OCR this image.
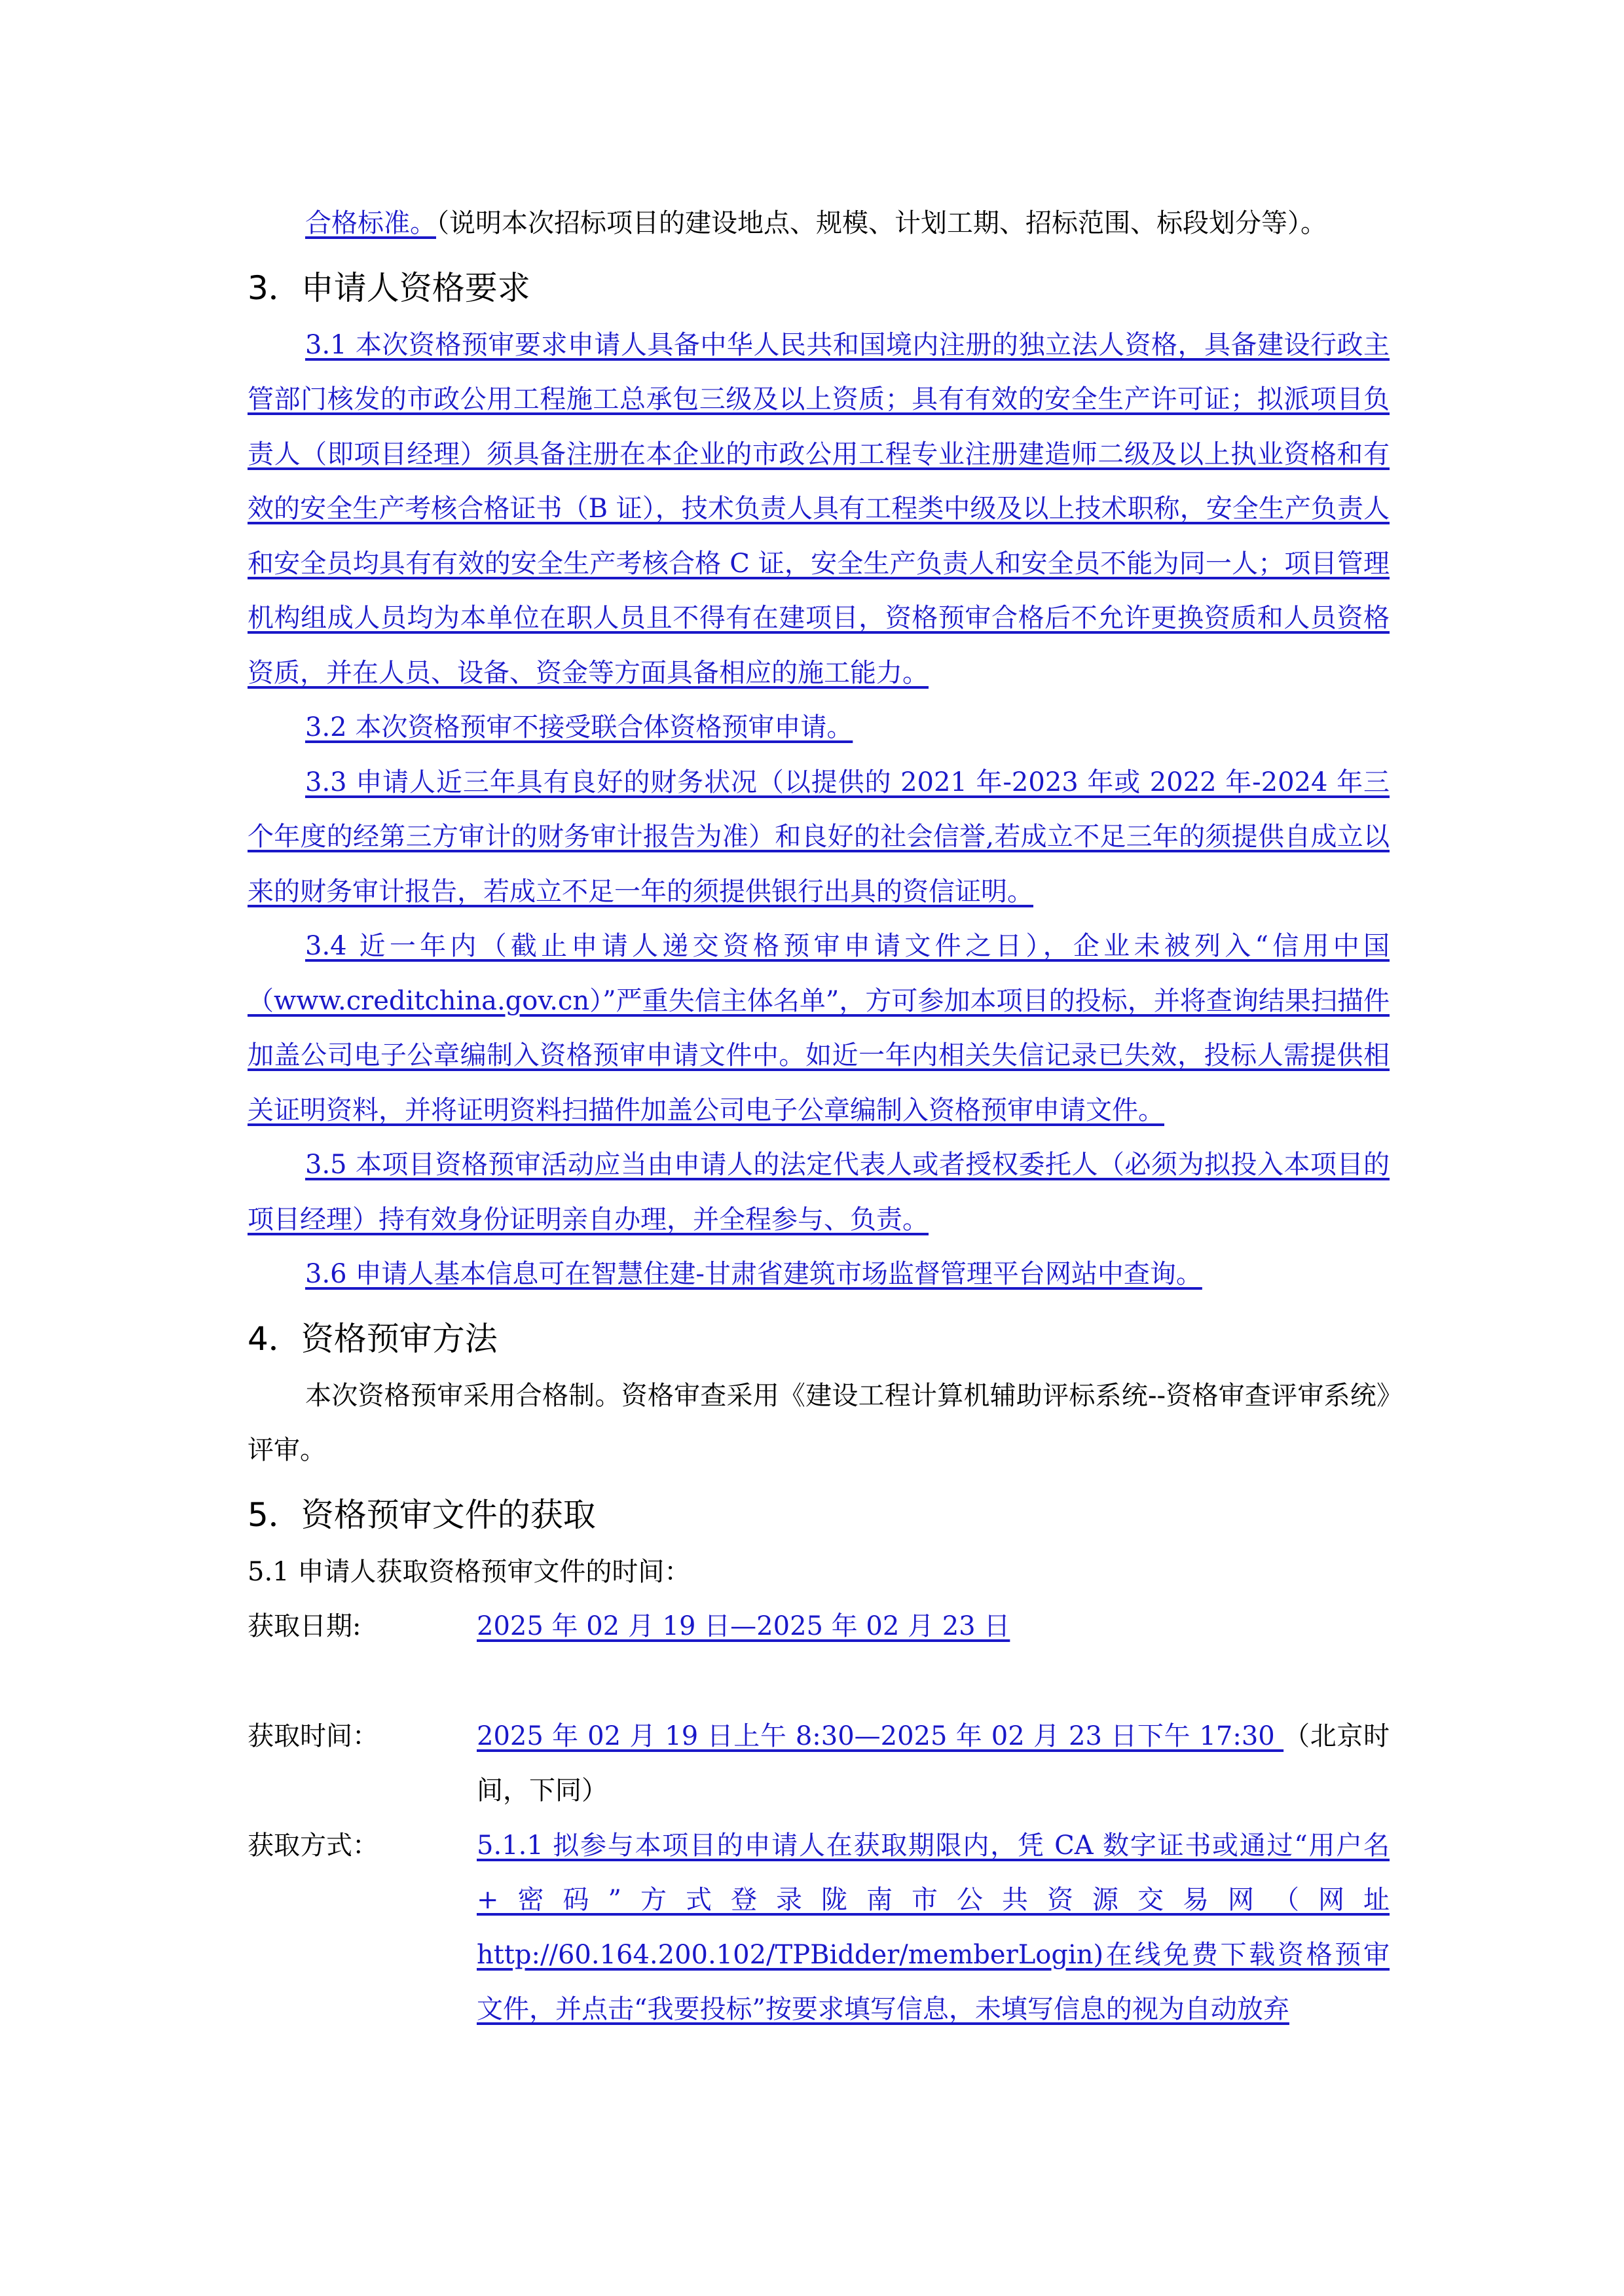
合格标准。（说明本次招标项目的建设地点、规模、计划工期、招标范围、标段划分等）。

3．申请人资格要求

3.1 本次资格预审要求申请人具备中华人民共和国境内注册的独立法人资格，具备建设行政主管部门核发的市政公用工程施工总承包三级及以上资质；具有有效的安全生产许可证；拟派项目负责人（即项目经理）须具备注册在本企业的市政公用工程专业注册建造师二级及以上执业资格和有效的安全生产考核合格证书（B 证），技术负责人具有工程类中级及以上技术职称，安全生产负责人和安全员均具有有效的安全生产考核合格 C 证，安全生产负责人和安全员不能为同一人；项目管理机构组成人员均为本单位在职人员且不得有在建项目，资格预审合格后不允许更换资质和人员资格资质，并在人员、设备、资金等方面具备相应的施工能力。

3.2 本次资格预审不接受联合体资格预审申请。

3.3 申请人近三年具有良好的财务状况（以提供的 2021 年-2023 年或 2022 年-2024 年三个年度的经第三方审计的财务审计报告为准）和良好的社会信誉,若成立不足三年的须提供自成立以来的财务审计报告，若成立不足一年的须提供银行出具的资信证明。

3.4 近一年内（截止申请人递交资格预审申请文件之日），企业未被列入“信用中国（www.creditchina.gov.cn）”严重失信主体名单”，方可参加本项目的投标，并将查询结果扫描件加盖公司电子公章编制入资格预审申请文件中。如近一年内相关失信记录已失效，投标人需提供相关证明资料，并将证明资料扫描件加盖公司电子公章编制入资格预审申请文件。

3.5 本项目资格预审活动应当由申请人的法定代表人或者授权委托人（必须为拟投入本项目的项目经理）持有效身份证明亲自办理，并全程参与、负责。

3.6 申请人基本信息可在智慧住建-甘肃省建筑市场监督管理平台网站中查询。

4．资格预审方法

本次资格预审采用合格制。资格审查采用《建设工程计算机辅助评标系统--资格审查评审系统》评审。

5．资格预审文件的获取

5.1 申请人获取资格预审文件的时间：

获取日期:	2025 年 02 月 19 日—2025 年 02 月 23 日
获取时间：	2025 年 02 月 19 日上午 8:30—2025 年 02 月 23 日下午 17:30 （北京时间，下同）
获取方式：	5.1.1 拟参与本项目的申请人在获取期限内，凭 CA 数字证书或通过“用户名+密码”方式登录陇南市公共资源交易网（网址 http://60.164.200.102/TPBidder/memberLogin)在线免费下载资格预审文件，并点击“我要投标”按要求填写信息，未填写信息的视为自动放弃
